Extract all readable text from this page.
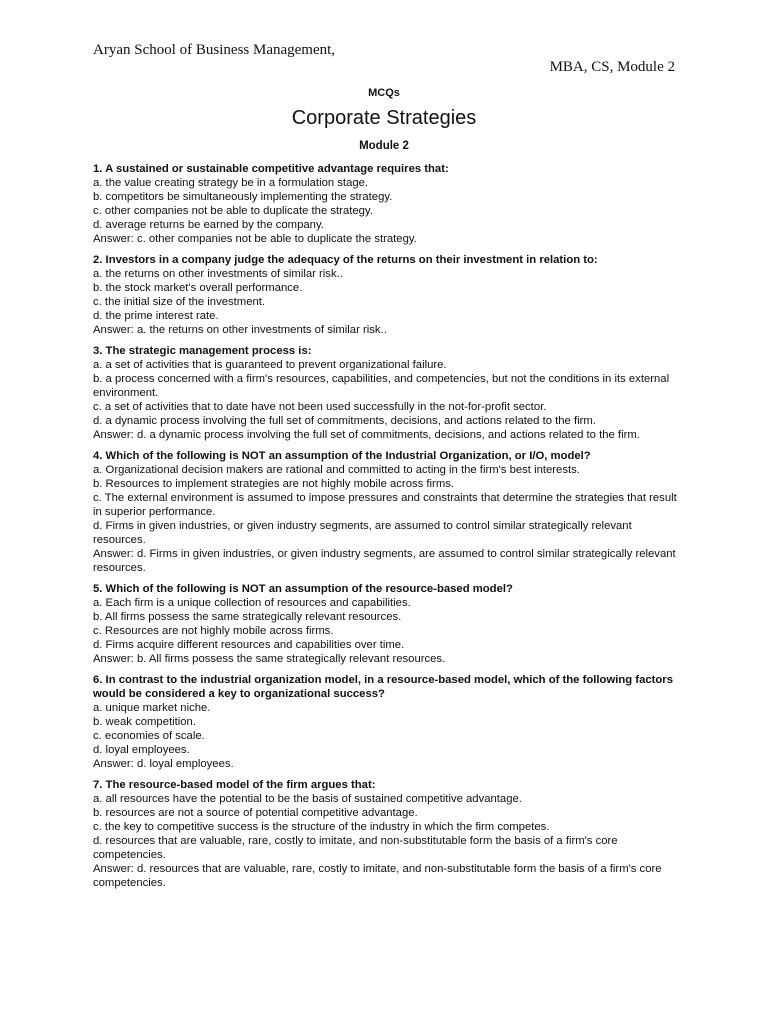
Aryan School of Business Management,
MBA, CS, Module 2
MCQs
Corporate Strategies
Module 2
1. A sustained or sustainable competitive advantage requires that:
a. the value creating strategy be in a formulation stage.
b. competitors be simultaneously implementing the strategy.
c. other companies not be able to duplicate the strategy.
d. average returns be earned by the company.
Answer: c. other companies not be able to duplicate the strategy.
2. Investors in a company judge the adequacy of the returns on their investment in relation to:
a. the returns on other investments of similar risk..
b. the stock market's overall performance.
c. the initial size of the investment.
d. the prime interest rate.
Answer: a. the returns on other investments of similar risk..
3. The strategic management process is:
a. a set of activities that is guaranteed to prevent organizational failure.
b. a process concerned with a firm's resources, capabilities, and competencies, but not the conditions in its external environment.
c. a set of activities that to date have not been used successfully in the not-for-profit sector.
d. a dynamic process involving the full set of commitments, decisions, and actions related to the firm.
Answer: d. a dynamic process involving the full set of commitments, decisions, and actions related to the firm.
4. Which of the following is NOT an assumption of the Industrial Organization, or I/O, model?
a. Organizational decision makers are rational and committed to acting in the firm's best interests.
b. Resources to implement strategies are not highly mobile across firms.
c. The external environment is assumed to impose pressures and constraints that determine the strategies that result in superior performance.
d. Firms in given industries, or given industry segments, are assumed to control similar strategically relevant resources.
Answer: d. Firms in given industries, or given industry segments, are assumed to control similar strategically relevant resources.
5. Which of the following is NOT an assumption of the resource-based model?
a. Each firm is a unique collection of resources and capabilities.
b. All firms possess the same strategically relevant resources.
c. Resources are not highly mobile across firms.
d. Firms acquire different resources and capabilities over time.
Answer: b. All firms possess the same strategically relevant resources.
6. In contrast to the industrial organization model, in a resource-based model, which of the following factors would be considered a key to organizational success?
a. unique market niche.
b. weak competition.
c. economies of scale.
d. loyal employees.
Answer: d. loyal employees.
7. The resource-based model of the firm argues that:
a. all resources have the potential to be the basis of sustained competitive advantage.
b. resources are not a source of potential competitive advantage.
c. the key to competitive success is the structure of the industry in which the firm competes.
d. resources that are valuable, rare, costly to imitate, and non-substitutable form the basis of a firm's core competencies.
Answer: d. resources that are valuable, rare, costly to imitate, and non-substitutable form the basis of a firm's core competencies.
